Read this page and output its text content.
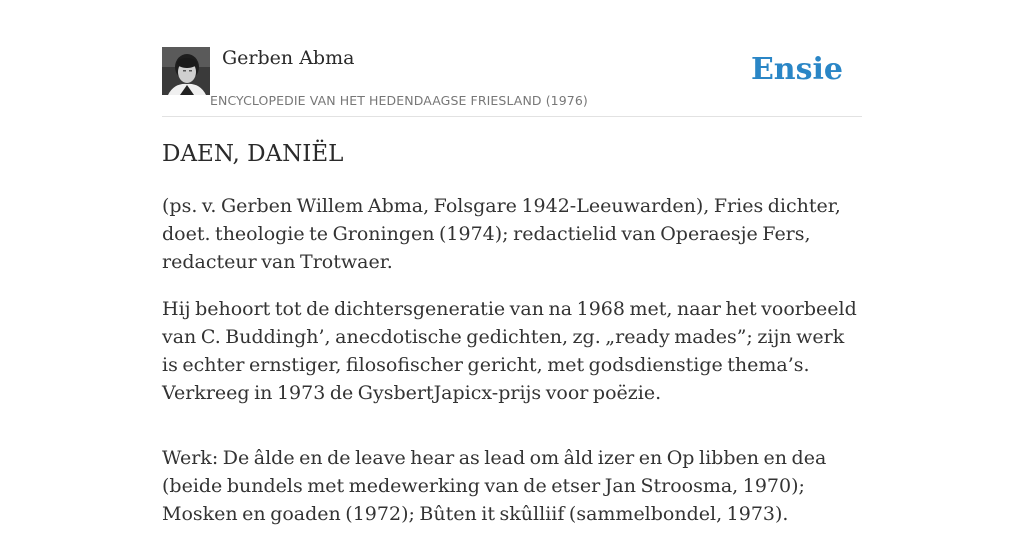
Gerben Abma
ENCYCLOPEDIE VAN HET HEDENDAAGSE FRIESLAND (1976)
Ensie
DAEN, DANIËL

(ps. v. Gerben Willem Abma, Folsgare 1942-Leeuwarden), Fries dichter, doet. theologie te Groningen (1974); redactielid van Operaesje Fers, redacteur van Trotwaer.

Hij behoort tot de dichtersgeneratie van na 1968 met, naar het voorbeeld van C. Buddingh’, anecdotische gedichten, zg. „ready mades”; zijn werk is echter ernstiger, filosofischer gericht, met godsdienstige thema’s. Verkreeg in 1973 de GysbertJapicx-prijs voor poëzie.

Werk: De âlde en de leave hear as lead om âld izer en Op libben en dea (beide bundels met medewerking van de etser Jan Stroosma, 1970); Mosken en goaden (1972); Bûten it skûlliif (sammelbondel, 1973).
